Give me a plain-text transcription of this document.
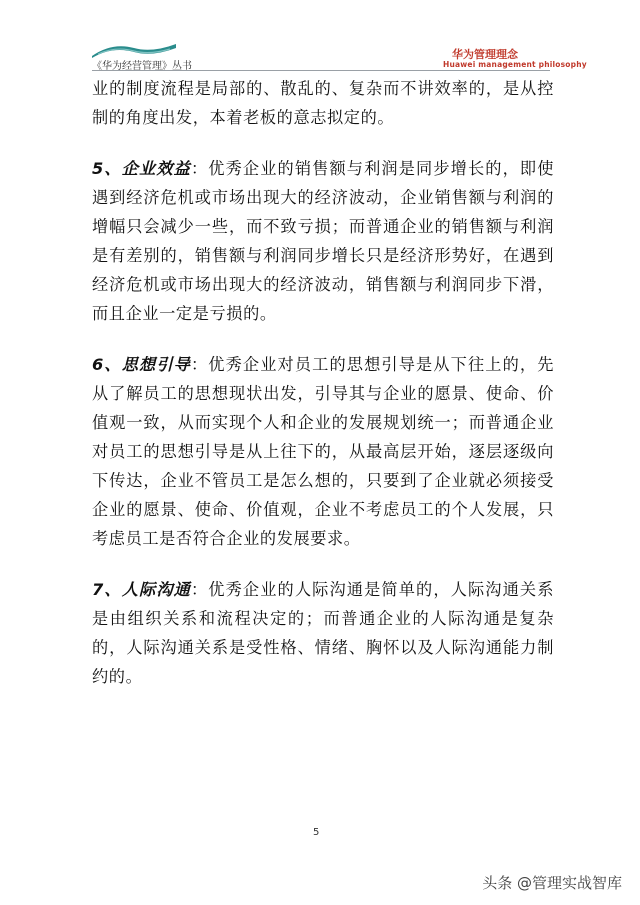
《华为经营管理》丛书
华为管理理念
Huawei management philosophy

业的制度流程是局部的、散乱的、复杂而不讲效率的，是从控制的角度出发，本着老板的意志拟定的。

5、企业效益：优秀企业的销售额与利润是同步增长的，即使遇到经济危机或市场出现大的经济波动，企业销售额与利润的增幅只会减少一些，而不致亏损；而普通企业的销售额与利润是有差别的，销售额与利润同步增长只是经济形势好，在遇到经济危机或市场出现大的经济波动，销售额与利润同步下滑，而且企业一定是亏损的。

6、思想引导：优秀企业对员工的思想引导是从下往上的，先从了解员工的思想现状出发，引导其与企业的愿景、使命、价值观一致，从而实现个人和企业的发展规划统一；而普通企业对员工的思想引导是从上往下的，从最高层开始，逐层逐级向下传达，企业不管员工是怎么想的，只要到了企业就必须接受企业的愿景、使命、价值观，企业不考虑员工的个人发展，只考虑员工是否符合企业的发展要求。

7、人际沟通：优秀企业的人际沟通是简单的，人际沟通关系是由组织关系和流程决定的；而普通企业的人际沟通是复杂的，人际沟通关系是受性格、情绪、胸怀以及人际沟通能力制约的。

5
头条 @管理实战智库
